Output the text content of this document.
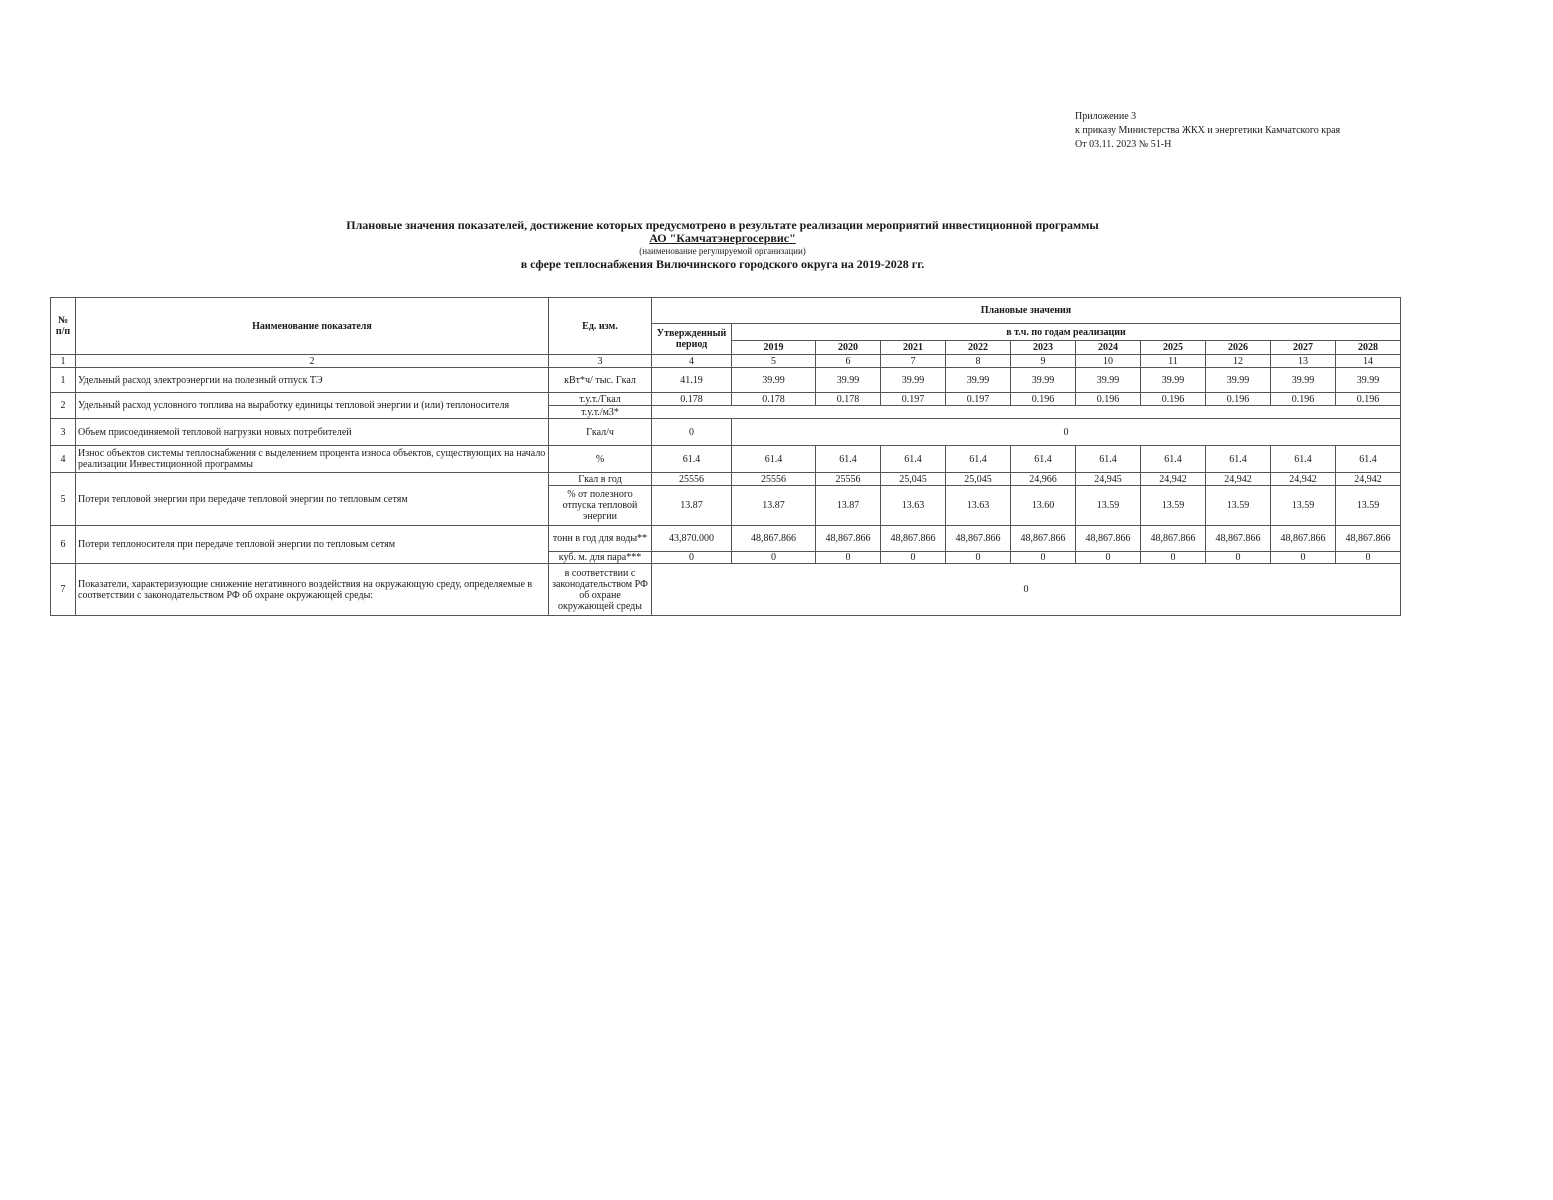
Приложение 3
к приказу Министерства ЖКХ и энергетики Камчатского края
От 03.11. 2023 № 51-Н
Плановые значения показателей, достижение которых предусмотрено в результате реализации мероприятий инвестиционной программы
АО "Камчатэнергосервис"
(наименование регулируемой организации)
в сфере теплоснабжения Вилючинского городского округа на 2019-2028 гг.
№ п/п	Наименование показателя	Ед. изм.	Плановые значения										
			Утвержденный период	в т.ч. по годам реализации									
				2019	2020	2021	2022	2023	2024	2025	2026	2027	2028
1	2	3	4	5	6	7	8	9	10	11	12	13	14
1	Удельный расход электроэнергии на полезный отпуск ТЭ	кВт*ч/ тыс. Гкал	41.19	39.99	39.99	39.99	39.99	39.99	39.99	39.99	39.99	39.99	39.99
2	Удельный расход условного топлива на выработку единицы тепловой энергии и (или) теплоносителя	т.у.т./Гкал	0.178	0.178	0.178	0.197	0.197	0.196	0.196	0.196	0.196	0.196	0.196
		т.у.т./м3*											
3	Объем присоединяемой тепловой нагрузки новых потребителей	Гкал/ч	0	0									
4	Износ объектов системы теплоснабжения с выделением процента износа объектов, существующих на начало реализации Инвестиционной программы	%	61.4	61.4	61.4	61.4	61.4	61.4	61.4	61.4	61.4	61.4	61.4
5	Потери тепловой энергии при передаче тепловой энергии по тепловым сетям	Гкал в год	25556	25556	25556	25,045	25,045	24,966	24,945	24,942	24,942	24,942	24,942
		% от полезного отпуска тепловой энергии	13.87	13.87	13.87	13.63	13.63	13.60	13.59	13.59	13.59	13.59	13.59
6	Потери теплоносителя при передаче тепловой энергии по тепловым сетям	тонн в год для воды**	43,870.000	48,867.866	48,867.866	48,867.866	48,867.866	48,867.866	48,867.866	48,867.866	48,867.866	48,867.866	48,867.866
		куб. м. для пара***	0	0	0	0	0	0	0	0	0	0	0
7	Показатели, характеризующие снижение негативного воздействия на окружающую среду, определяемые в соответствии с законодательством РФ об охране окружающей среды:	в соответствии с законодательством РФ об охране окружающей среды	0										
